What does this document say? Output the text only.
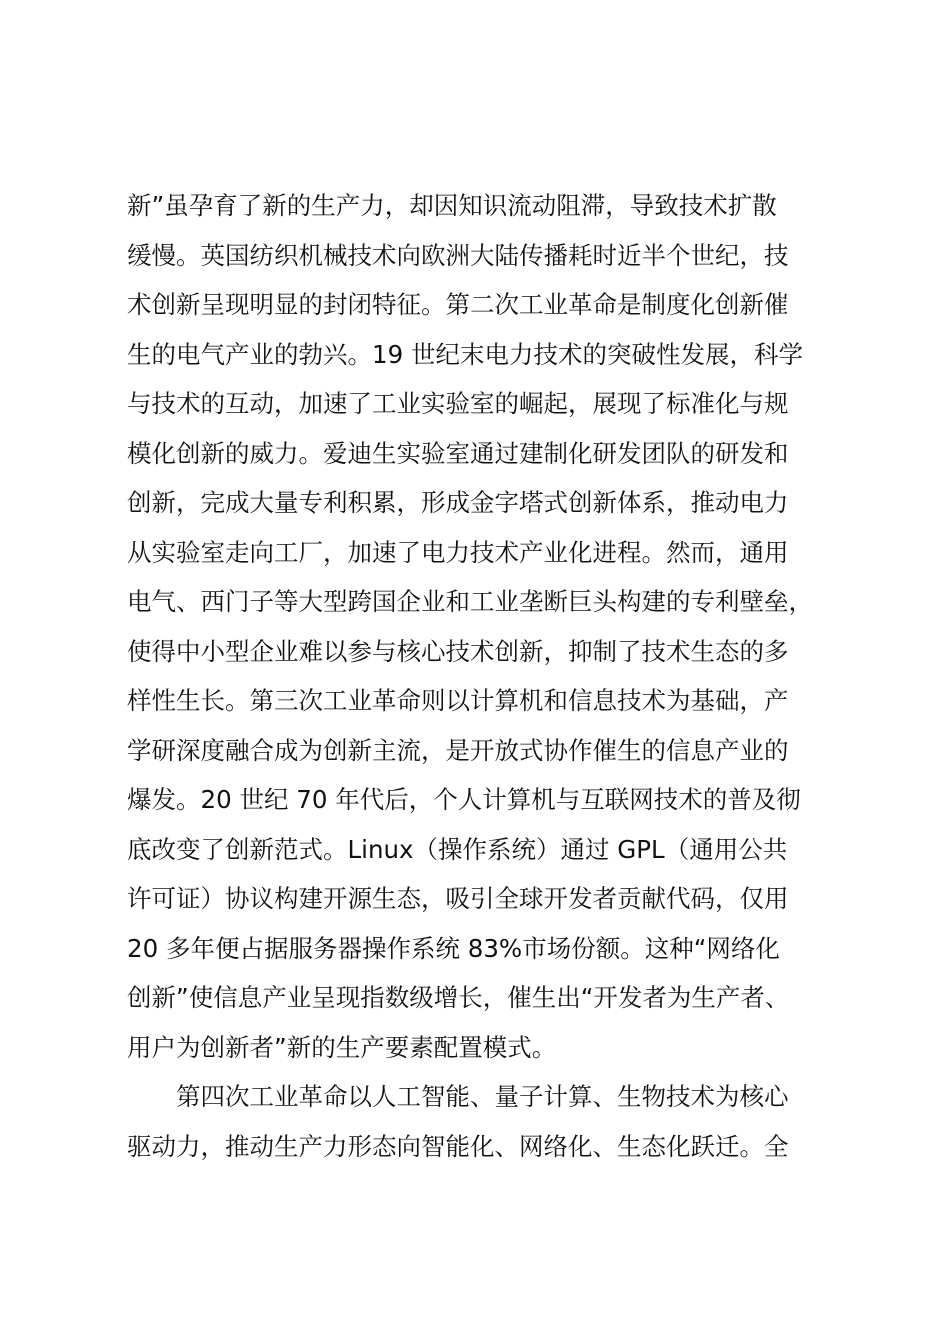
新”虽孕育了新的生产力，却因知识流动阻滞，导致技术扩散
缓慢。英国纺织机械技术向欧洲大陆传播耗时近半个世纪，技
术创新呈现明显的封闭特征。第二次工业革命是制度化创新催
生的电气产业的勃兴。19 世纪末电力技术的突破性发展，科学
与技术的互动，加速了工业实验室的崛起，展现了标准化与规
模化创新的威力。爱迪生实验室通过建制化研发团队的研发和
创新，完成大量专利积累，形成金字塔式创新体系，推动电力
从实验室走向工厂，加速了电力技术产业化进程。然而，通用
电气、西门子等大型跨国企业和工业垄断巨头构建的专利壁垒，
使得中小型企业难以参与核心技术创新，抑制了技术生态的多
样性生长。第三次工业革命则以计算机和信息技术为基础，产
学研深度融合成为创新主流，是开放式协作催生的信息产业的
爆发。20 世纪 70 年代后，个人计算机与互联网技术的普及彻
底改变了创新范式。Linux（操作系统）通过 GPL（通用公共
许可证）协议构建开源生态，吸引全球开发者贡献代码，仅用
20 多年便占据服务器操作系统 83%市场份额。这种“网络化
创新”使信息产业呈现指数级增长，催生出“开发者为生产者、
用户为创新者”新的生产要素配置模式。
第四次工业革命以人工智能、量子计算、生物技术为核心
驱动力，推动生产力形态向智能化、网络化、生态化跃迁。全
